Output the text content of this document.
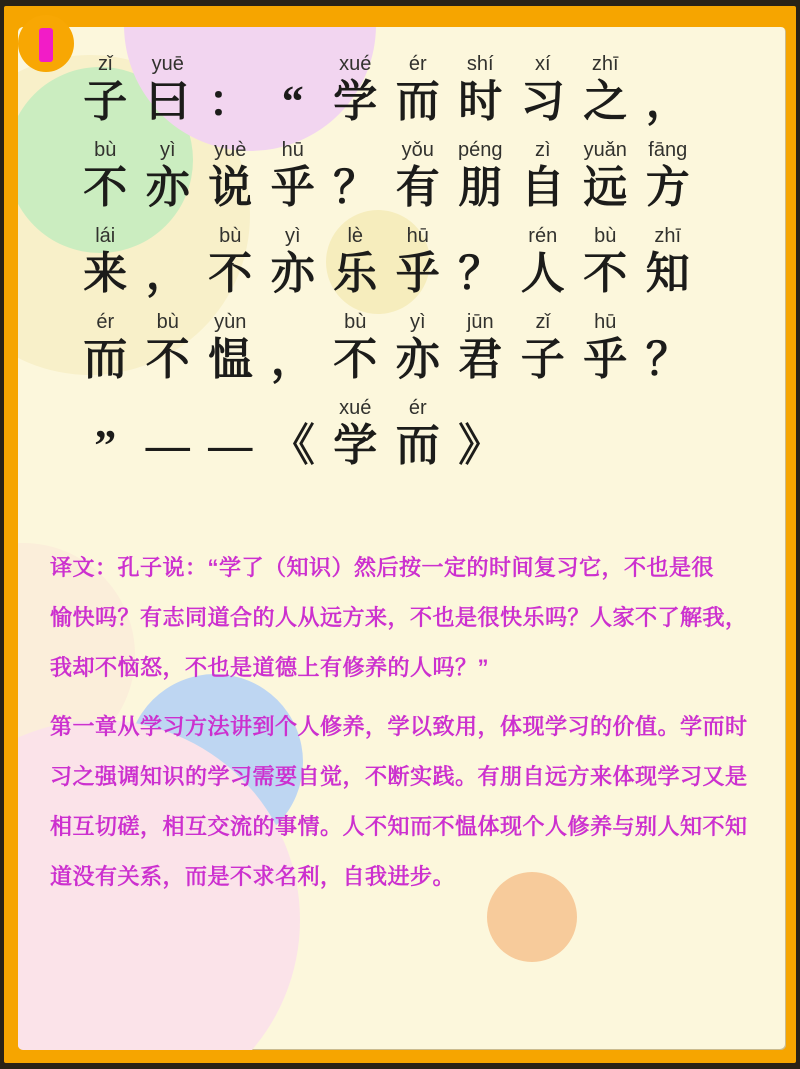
zǐ
子
yuē
曰 ： “
xué
学
ér
而
shí
时
xí
习
zhī
之 ，
bù
不
yì
亦
yuè
说
hū
乎 ？
yǒu
有
péng
朋
zì
自
yuǎn
远
fāng
方
lái
来 ，
bù
不
yì
亦
lè
乐
hū
乎 ？
rén
人
bù
不
zhī
知
ér
而
bù
不
yùn
愠 ，
bù
不
yì
亦
jūn
君
zǐ
子
hū
乎 ？
” — — 《
xué
学
ér
而 》
译文：孔子说：“学了（知识）然后按一定的时间复习它，不也是很
愉快吗？有志同道合的人从远方来，不也是很快乐吗？人家不了解我，
我却不恼怒，不也是道德上有修养的人吗？”
第一章从学习方法讲到个人修养，学以致用，体现学习的价值。学而时
习之强调知识的学习需要自觉，不断实践。有朋自远方来体现学习又是
相互切磋，相互交流的事情。人不知而不愠体现个人修养与别人知不知
道没有关系，而是不求名利，自我进步。
